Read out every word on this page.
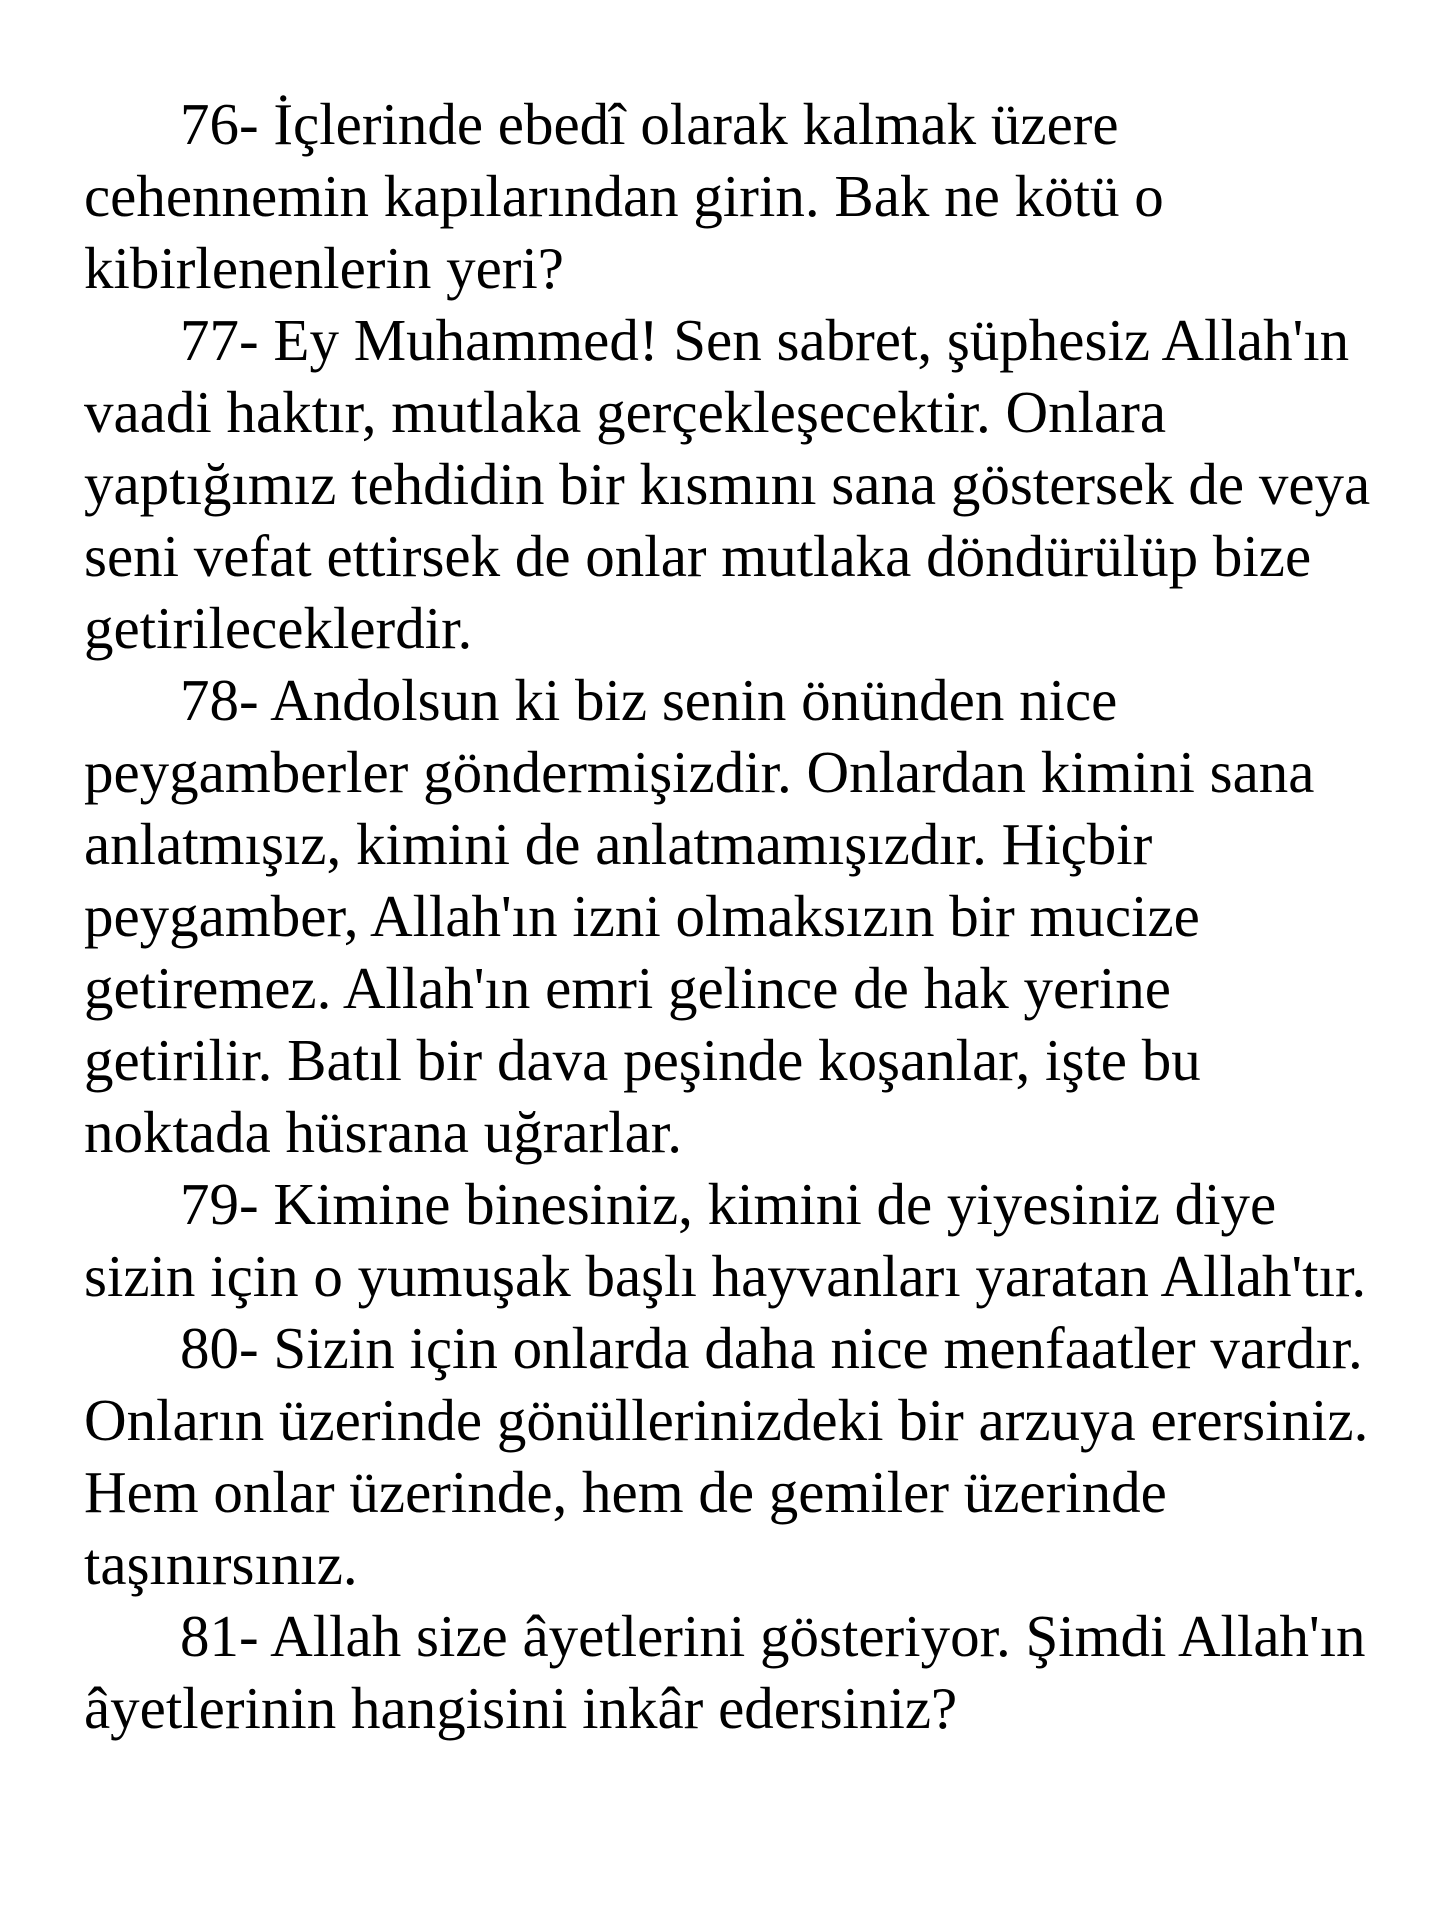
76- İçlerinde ebedî olarak kalmak üzere cehennemin kapılarından girin. Bak ne kötü o kibirlenenlerin yeri?

77- Ey Muhammed! Sen sabret, şüphesiz Allah'ın vaadi haktır, mutlaka gerçekleşecektir. Onlara yaptığımız tehdidin bir kısmını sana göstersek de veya seni vefat ettirsek de onlar mutlaka döndürülüp bize getirileceklerdir.

78- Andolsun ki biz senin önünden nice peygamberler göndermişizdir. Onlardan kimini sana anlatmışız, kimini de anlatmamışızdır. Hiçbir peygamber, Allah'ın izni olmaksızın bir mucize getiremez. Allah'ın emri gelince de hak yerine getirilir. Batıl bir dava peşinde koşanlar, işte bu noktada hüsrana uğrarlar.

79- Kimine binesiniz, kimini de yiyesiniz diye sizin için o yumuşak başlı hayvanları yaratan Allah'tır.

80- Sizin için onlarda daha nice menfaatler vardır. Onların üzerinde gönüllerinizdeki bir arzuya erersiniz. Hem onlar üzerinde, hem de gemiler üzerinde taşınırsınız.

81- Allah size âyetlerini gösteriyor. Şimdi Allah'ın âyetlerinin hangisini inkâr edersiniz?
